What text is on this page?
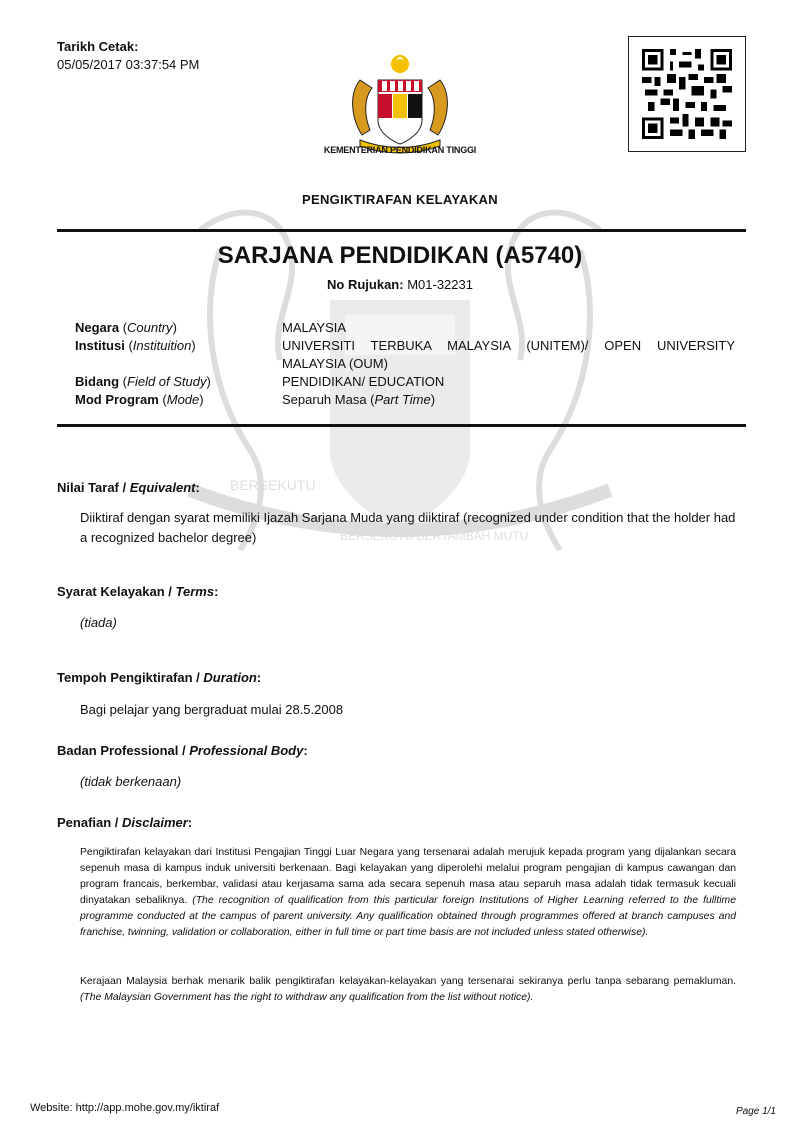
BERSEKUTU
BERSEKUTU BERTAMBAH MUTU
Tarikh Cetak:
05/05/2017 03:37:54 PM
KEMENTERIAN PENDIDIKAN TINGGI
PENGIKTIRAFAN KELAYAKAN
SARJANA PENDIDIKAN (A5740)
No Rujukan: M01-32231
Negara (Country)	MALAYSIA
Institusi (Instituition)	UNIVERSITI TERBUKA MALAYSIA (UNITEM)/ OPEN UNIVERSITY MALAYSIA (OUM)
Bidang (Field of Study)	PENDIDIKAN/ EDUCATION
Mod Program (Mode)	Separuh Masa (Part Time)
Nilai Taraf / Equivalent:
Diiktiraf dengan syarat memiliki Ijazah Sarjana Muda yang diiktiraf (recognized under condition that the holder had a recognized bachelor degree)
Syarat Kelayakan / Terms:
(tiada)
Tempoh Pengiktirafan / Duration:
Bagi pelajar yang bergraduat mulai 28.5.2008
Badan Professional / Professional Body:
(tidak berkenaan)
Penafian / Disclaimer:
Pengiktirafan kelayakan dari Institusi Pengajian Tinggi Luar Negara yang tersenarai adalah merujuk kepada program yang dijalankan secara sepenuh masa di kampus induk universiti berkenaan. Bagi kelayakan yang diperolehi melalui program pengajian di kampus cawangan dan program francais, berkembar, validasi atau kerjasama sama ada secara sepenuh masa atau separuh masa adalah tidak termasuk kecuali dinyatakan sebaliknya. (The recognition of qualification from this particular foreign Institutions of Higher Learning referred to the fulltime programme conducted at the campus of parent university. Any qualification obtained through programmes offered at branch campuses and franchise, twinning, validation or collaboration, either in full time or part time basis are not included unless stated otherwise).
Kerajaan Malaysia berhak menarik balik pengiktirafan kelayakan-kelayakan yang tersenarai sekiranya perlu tanpa sebarang pemakluman. (The Malaysian Government has the right to withdraw any qualification from the list without notice).
Website: http://app.mohe.gov.my/iktiraf	Page 1/1
